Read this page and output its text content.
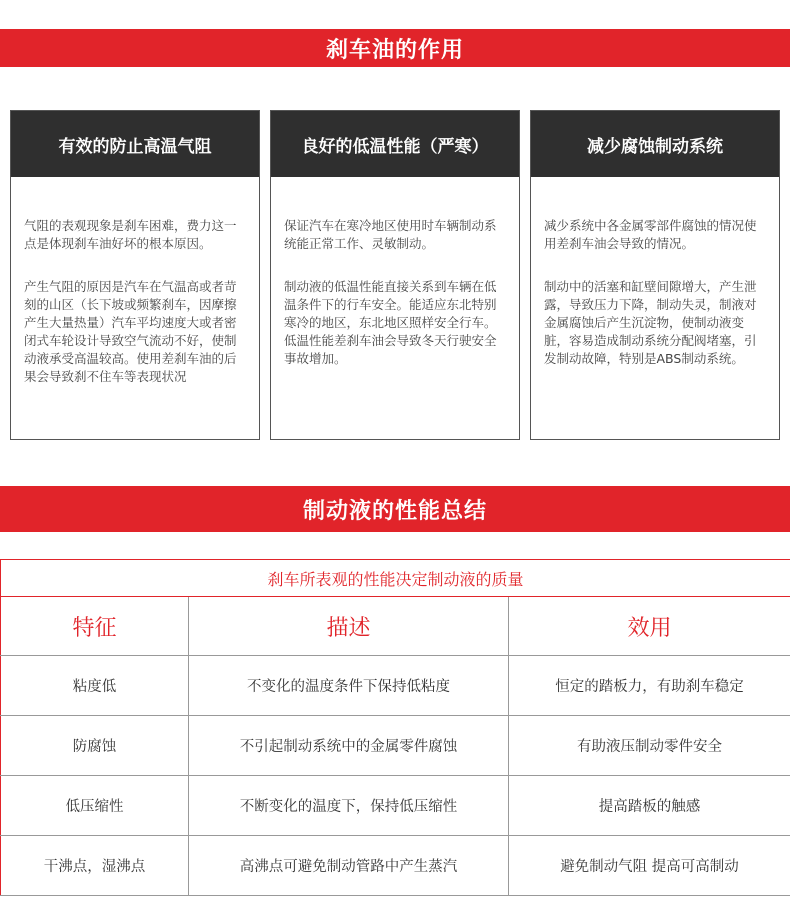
刹车油的作用
有效的防止高温气阻

气阻的表观现象是刹车困难，费力这一点是体现刹车油好坏的根本原因。

产生气阻的原因是汽车在气温高或者苛刻的山区（长下坡或频繁刹车，因摩擦产生大量热量）汽车平均速度大或者密闭式车轮设计导致空气流动不好，使制动液承受高温较高。使用差刹车油的后果会导致刹不住车等表现状况

良好的低温性能（严寒）

保证汽车在寒冷地区使用时车辆制动系统能正常工作、灵敏制动。

制动液的低温性能直接关系到车辆在低温条件下的行车安全。能适应东北特别寒冷的地区，东北地区照样安全行车。低温性能差刹车油会导致冬天行驶安全事故增加。

减少腐蚀制动系统

减少系统中各金属零部件腐蚀的情况使用差刹车油会导致的情况。

制动中的活塞和缸壁间隙增大，产生泄露，导致压力下降，制动失灵，制液对金属腐蚀后产生沉淀物，使制动液变脏，容易造成制动系统分配阀堵塞，引发制动故障，特别是ABS制动系统。

制动液的性能总结
刹车所表观的性能决定制动液的质量		
特征	描述	效用
粘度低	不变化的温度条件下保持低粘度	恒定的踏板力，有助刹车稳定
防腐蚀	不引起制动系统中的金属零件腐蚀	有助液压制动零件安全
低压缩性	不断变化的温度下，保持低压缩性	提高踏板的触感
干沸点，湿沸点	高沸点可避免制动管路中产生蒸汽	避免制动气阻 提高可高制动
